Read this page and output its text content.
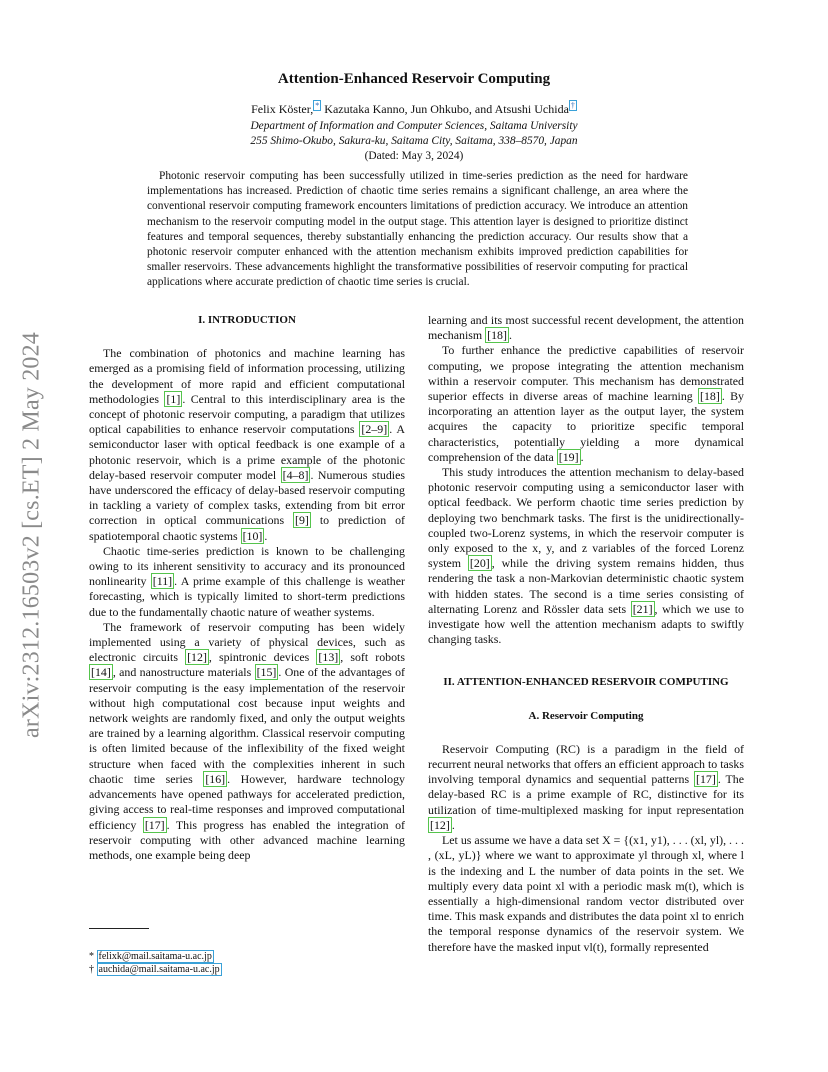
arXiv:2312.16503v2 [cs.ET] 2 May 2024
Attention-Enhanced Reservoir Computing
Felix Köster, * Kazutaka Kanno, Jun Ohkubo, and Atsushi Uchida †
Department of Information and Computer Sciences, Saitama University
255 Shimo-Okubo, Sakura-ku, Saitama City, Saitama, 338–8570, Japan
(Dated: May 3, 2024)

Photonic reservoir computing has been successfully utilized in time-series prediction as the need for hardware implementations has increased. Prediction of chaotic time series remains a significant challenge, an area where the conventional reservoir computing framework encounters limitations of prediction accuracy. We introduce an attention mechanism to the reservoir computing model in the output stage. This attention layer is designed to prioritize distinct features and temporal sequences, thereby substantially enhancing the prediction accuracy. Our results show that a photonic reservoir computer enhanced with the attention mechanism exhibits improved prediction capabilities for smaller reservoirs. These advancements highlight the transformative possibilities of reservoir computing for practical applications where accurate prediction of chaotic time series is crucial.

I. INTRODUCTION

The combination of photonics and machine learning has emerged as a promising field of information processing, utilizing the development of more rapid and efficient computational methodologies [1] . Central to this interdisciplinary area is the concept of photonic reservoir computing, a paradigm that utilizes optical capabilities to enhance reservoir computations [2–9] . A semiconductor laser with optical feedback is one example of a photonic reservoir, which is a prime example of the photonic delay-based reservoir computer model [4–8] . Numerous studies have underscored the efficacy of delay-based reservoir computing in tackling a variety of complex tasks, extending from bit error correction in optical communications [9] to prediction of spatiotemporal chaotic systems [10] .

Chaotic time-series prediction is known to be challenging owing to its inherent sensitivity to accuracy and its pronounced nonlinearity [11] . A prime example of this challenge is weather forecasting, which is typically limited to short-term predictions due to the fundamentally chaotic nature of weather systems.

The framework of reservoir computing has been widely implemented using a variety of physical devices, such as electronic circuits [12] , spintronic devices [13] , soft robots [14] , and nanostructure materials [15] . One of the advantages of reservoir computing is the easy implementation of the reservoir without high computational cost because input weights and network weights are randomly fixed, and only the output weights are trained by a learning algorithm. Classical reservoir computing is often limited because of the inflexibility of the fixed weight structure when faced with the complexities inherent in such chaotic time series [16] . However, hardware technology advancements have opened pathways for accelerated prediction, giving access to real-time responses and improved computational efficiency [17] . This progress has enabled the integration of reservoir computing with other advanced machine learning methods, one example being deep

learning and its most successful recent development, the attention mechanism [18] .

To further enhance the predictive capabilities of reservoir computing, we propose integrating the attention mechanism within a reservoir computer. This mechanism has demonstrated superior effects in diverse areas of machine learning [18] . By incorporating an attention layer as the output layer, the system acquires the capacity to prioritize specific temporal characteristics, potentially yielding a more dynamical comprehension of the data [19] .

This study introduces the attention mechanism to delay-based photonic reservoir computing using a semiconductor laser with optical feedback. We perform chaotic time series prediction by deploying two benchmark tasks. The first is the unidirectionally-coupled two-Lorenz systems, in which the reservoir computer is only exposed to the x, y, and z variables of the forced Lorenz system [20] , while the driving system remains hidden, thus rendering the task a non-Markovian deterministic chaotic system with hidden states. The second is a time series consisting of alternating Lorenz and Rössler data sets [21] , which we use to investigate how well the attention mechanism adapts to swiftly changing tasks.

II. ATTENTION-ENHANCED RESERVOIR COMPUTING

A. Reservoir Computing

Reservoir Computing (RC) is a paradigm in the field of recurrent neural networks that offers an efficient approach to tasks involving temporal dynamics and sequential patterns [17] . The delay-based RC is a prime example of RC, distinctive for its utilization of time-multiplexed masking for input representation [12] .

Let us assume we have a data set X = {(x1, y1), . . . (xl, yl), . . . , (xL, yL)} where we want to approximate yl through xl, where l is the indexing and L the number of data points in the set. We multiply every data point xl with a periodic mask m(t), which is essentially a high-dimensional random vector distributed over time. This mask expands and distributes the data point xl to enrich the temporal response dynamics of the reservoir system. We therefore have the masked input vl(t), formally represented

* felixk@mail.saitama-u.ac.jp
† auchida@mail.saitama-u.ac.jp
